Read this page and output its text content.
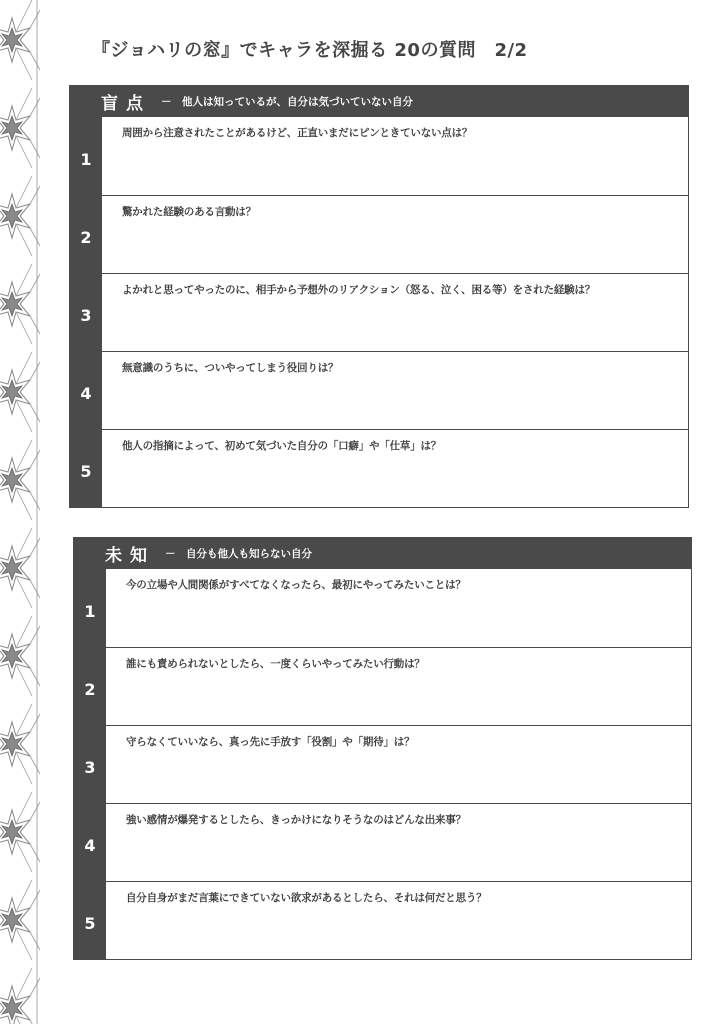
『ジョハリの窓』でキャラを深掘る 20の質問　2/2
盲点 －　他人は知っているが、自分は気づいていない自分
1
周囲から注意されたことがあるけど、正直いまだにピンときていない点は？
2
驚かれた経験のある言動は？
3
よかれと思ってやったのに、相手から予想外のリアクション（怒る、泣く、困る等）をされた経験は？
4
無意識のうちに、ついやってしまう役回りは？
5
他人の指摘によって、初めて気づいた自分の「口癖」や「仕草」は？
未知 －　自分も他人も知らない自分
1
今の立場や人間関係がすべてなくなったら、最初にやってみたいことは？
2
誰にも責められないとしたら、一度くらいやってみたい行動は？
3
守らなくていいなら、真っ先に手放す「役割」や「期待」は？
4
強い感情が爆発するとしたら、きっかけになりそうなのはどんな出来事？
5
自分自身がまだ言葉にできていない欲求があるとしたら、それは何だと思う？
